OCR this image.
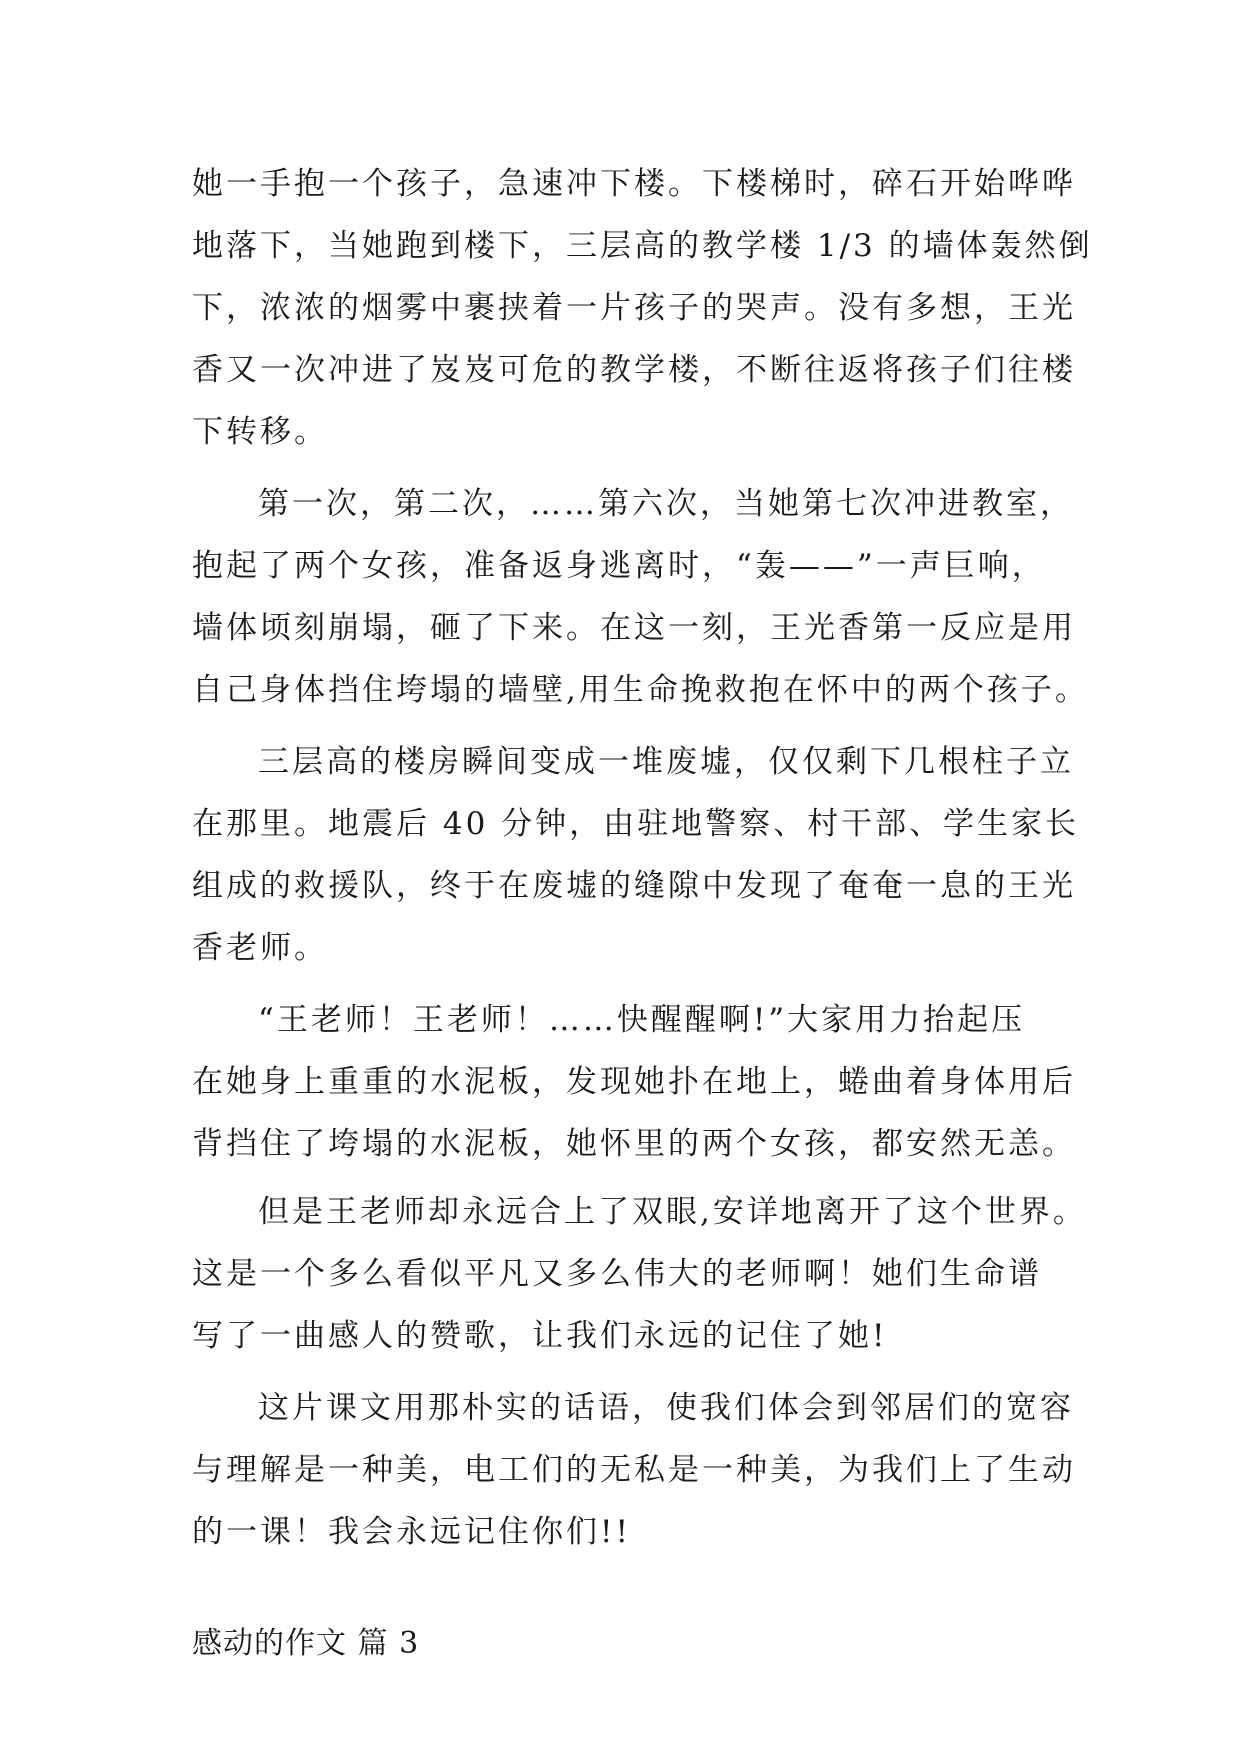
她一手抱一个孩子，急速冲下楼。下楼梯时，碎石开始哗哗
地落下，当她跑到楼下，三层高的教学楼 1/3 的墙体轰然倒
下，浓浓的烟雾中裹挟着一片孩子的哭声。没有多想，王光
香又一次冲进了岌岌可危的教学楼，不断往返将孩子们往楼
下转移。
第一次，第二次，……第六次，当她第七次冲进教室，
抱起了两个女孩，准备返身逃离时，“轰——”一声巨响，
墙体顷刻崩塌，砸了下来。在这一刻，王光香第一反应是用
自己身体挡住垮塌的墙壁,用生命挽救抱在怀中的两个孩子。
三层高的楼房瞬间变成一堆废墟，仅仅剩下几根柱子立
在那里。地震后 40 分钟，由驻地警察、村干部、学生家长
组成的救援队，终于在废墟的缝隙中发现了奄奄一息的王光
香老师。
“王老师！王老师！……快醒醒啊!”大家用力抬起压
在她身上重重的水泥板，发现她扑在地上，蜷曲着身体用后
背挡住了垮塌的水泥板，她怀里的两个女孩，都安然无恙。
但是王老师却永远合上了双眼,安详地离开了这个世界。
这是一个多么看似平凡又多么伟大的老师啊！她们生命谱
写了一曲感人的赞歌，让我们永远的记住了她!
这片课文用那朴实的话语，使我们体会到邻居们的宽容
与理解是一种美，电工们的无私是一种美，为我们上了生动
的一课！我会永远记住你们!!
感动的作文 篇 3
